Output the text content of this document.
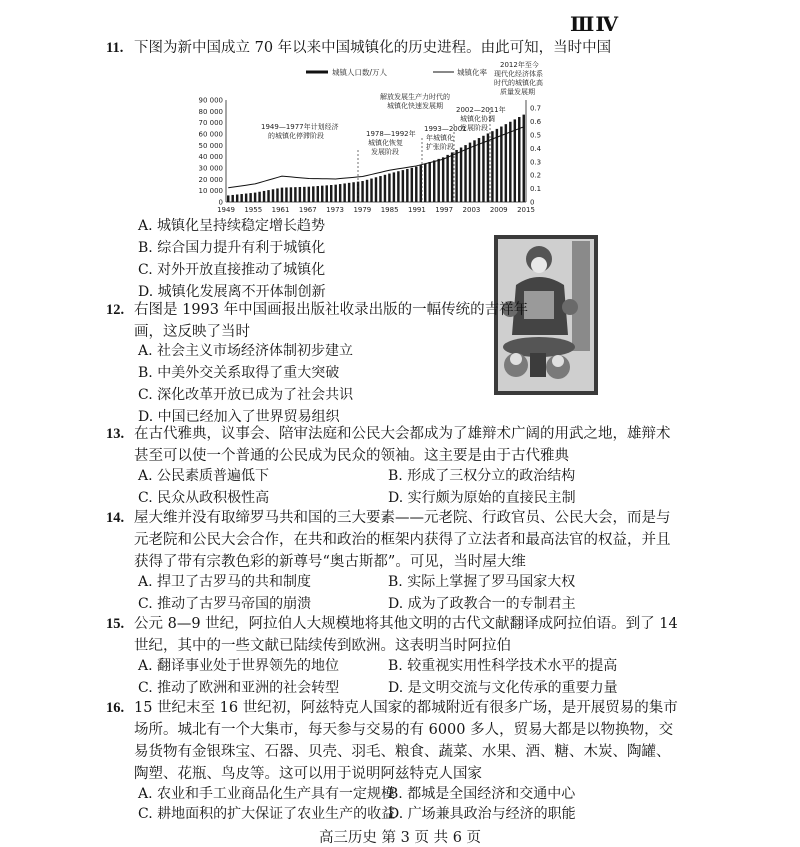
ⅢⅣ
11. 下图为新中国成立 70 年以来中国城镇化的历史进程。由此可知，当时中国
城镇人口数/万人	城镇化率
90 000
80 000
70 000
60 000
50 000
40 000
30 000
20 000
10 000
0
0.7
0.6
0.5
0.4
0.3
0.2
0.1
0
1949 1955 1961 1967 1973 1979 1985 1991 1997 2003 2009 2015
1949—1977年计划经济
的城镇化停滞阶段	1978—1992年
城镇化恢复
发展阶段
解放发展生产力时代的
城镇化快速发展期
1993—2001
年城镇化
扩张阶段
2002—2011年
城镇化协调
发展阶段
2012年至今
现代化经济体系
时代的城镇化高
质量发展期
A. 城镇化呈持续稳定增长趋势
B. 综合国力提升有利于城镇化
C. 对外开放直接推动了城镇化
D. 城镇化发展离不开体制创新
12. 右图是 1993 年中国画报出版社收录出版的一幅传统的吉祥年
画，这反映了当时
A. 社会主义市场经济体制初步建立
B. 中美外交关系取得了重大突破
C. 深化改革开放已成为了社会共识
D. 中国已经加入了世界贸易组织
13. 在古代雅典，议事会、陪审法庭和公民大会都成为了雄辩术广阔的用武之地，雄辩术
甚至可以使一个普通的公民成为民众的领袖。这主要是由于古代雅典
A. 公民素质普遍低下	B. 形成了三权分立的政治结构
C. 民众从政积极性高	D. 实行颇为原始的直接民主制
14. 屋大维并没有取缔罗马共和国的三大要素——元老院、行政官员、公民大会，而是与
元老院和公民大会合作，在共和政治的框架内获得了立法者和最高法官的权益，并且
获得了带有宗教色彩的新尊号“奥古斯都”。可见，当时屋大维
A. 捍卫了古罗马的共和制度	B. 实际上掌握了罗马国家大权
C. 推动了古罗马帝国的崩溃	D. 成为了政教合一的专制君主
15. 公元 8—9 世纪，阿拉伯人大规模地将其他文明的古代文献翻译成阿拉伯语。到了 14
世纪，其中的一些文献已陆续传到欧洲。这表明当时阿拉伯
A. 翻译事业处于世界领先的地位	B. 较重视实用性科学技术水平的提高
C. 推动了欧洲和亚洲的社会转型	D. 是文明交流与文化传承的重要力量
16. 15 世纪末至 16 世纪初，阿兹特克人国家的都城附近有很多广场，是开展贸易的集市
场所。城北有一个大集市，每天参与交易的有 6000 多人，贸易大都是以物换物，交
易货物有金银珠宝、石器、贝壳、羽毛、粮食、蔬菜、水果、酒、糖、木炭、陶罐、
陶塑、花瓶、鸟皮等。这可以用于说明阿兹特克人国家
A. 农业和手工业商品化生产具有一定规模
B. 都城是全国经济和交通中心
C. 耕地面积的扩大保证了农业生产的收益
D. 广场兼具政治与经济的职能
高三历史 第 3 页 共 6 页
